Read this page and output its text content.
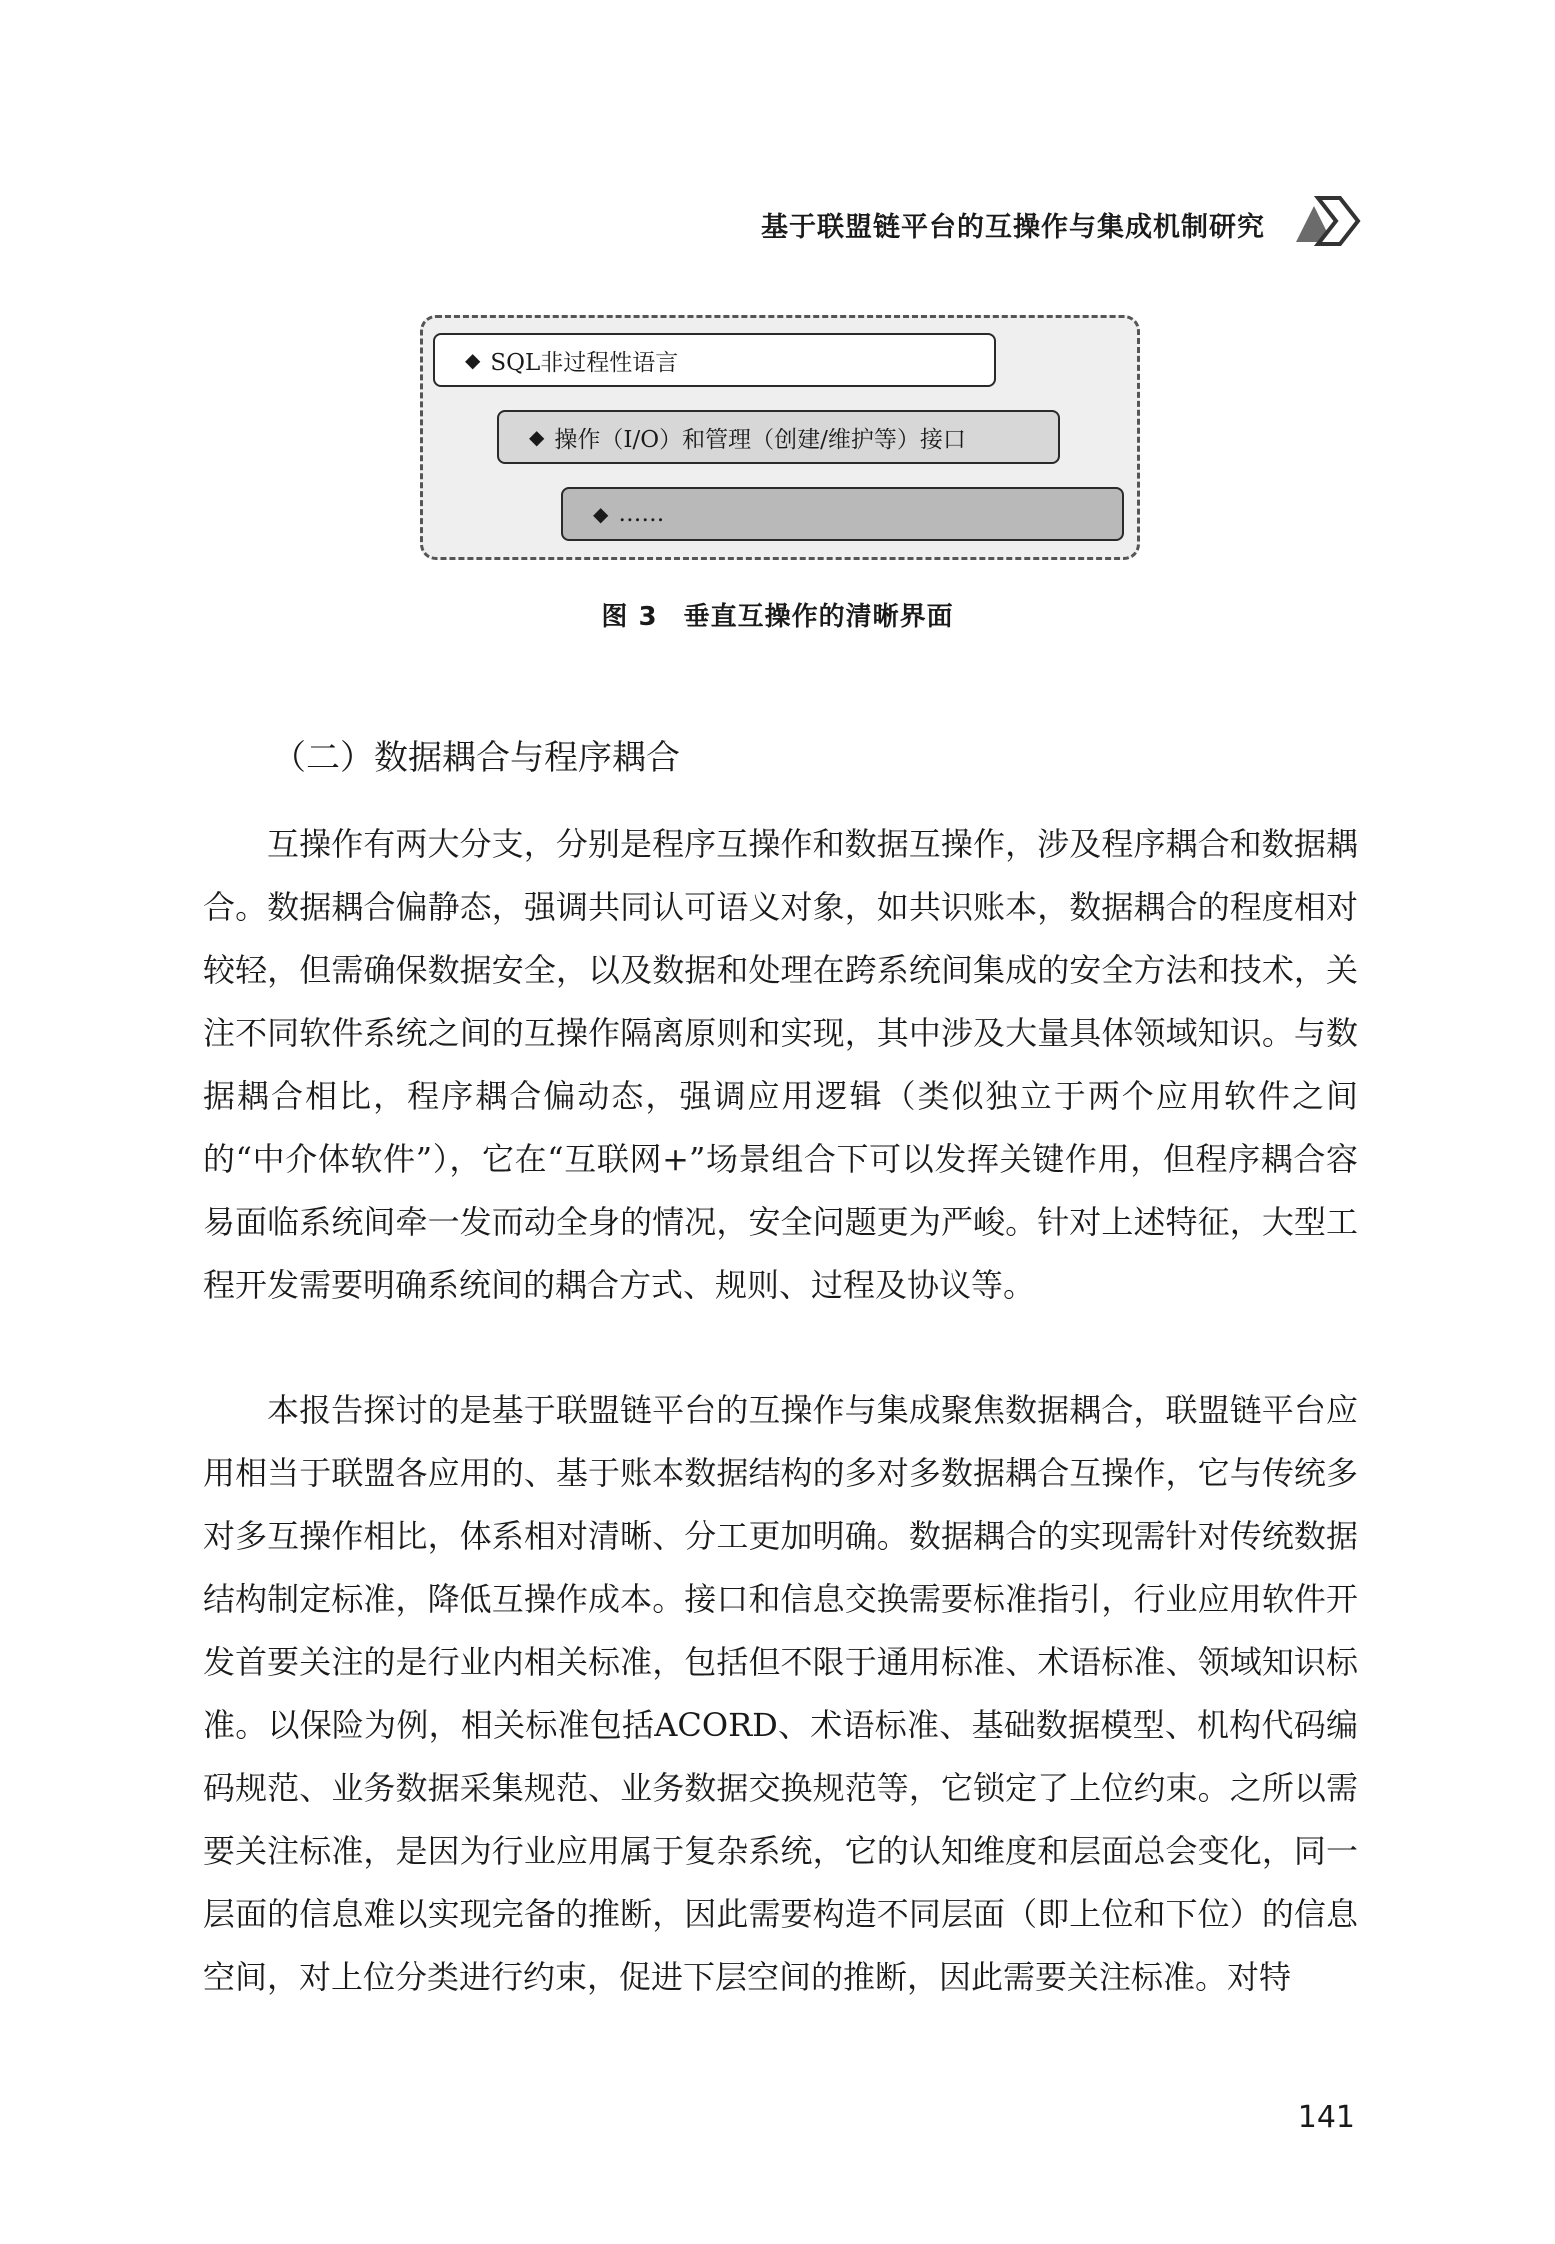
基于联盟链平台的互操作与集成机制研究
◆ SQL非过程性语言
◆ 操作（I/O）和管理（创建/维护等）接口
◆ ……
图 3 垂直互操作的清晰界面
（二）数据耦合与程序耦合

互操作有两大分支，分别是程序互操作和数据互操作，涉及程序耦合和数据耦合。数据耦合偏静态，强调共同认可语义对象，如共识账本，数据耦合的程度相对较轻，但需确保数据安全，以及数据和处理在跨系统间集成的安全方法和技术，关注不同软件系统之间的互操作隔离原则和实现，其中涉及大量具体领域知识。与数据耦合相比，程序耦合偏动态，强调应用逻辑（类似独立于两个应用软件之间的“中介体软件”），它在“互联网+”场景组合下可以发挥关键作用，但程序耦合容易面临系统间牵一发而动全身的情况，安全问题更为严峻。针对上述特征，大型工程开发需要明确系统间的耦合方式、规则、过程及协议等。

本报告探讨的是基于联盟链平台的互操作与集成聚焦数据耦合，联盟链平台应用相当于联盟各应用的、基于账本数据结构的多对多数据耦合互操作，它与传统多对多互操作相比，体系相对清晰、分工更加明确。数据耦合的实现需针对传统数据结构制定标准，降低互操作成本。接口和信息交换需要标准指引，行业应用软件开发首要关注的是行业内相关标准，包括但不限于通用标准、术语标准、领域知识标准。以保险为例，相关标准包括ACORD、术语标准、基础数据模型、机构代码编码规范、业务数据采集规范、业务数据交换规范等，它锁定了上位约束。之所以需要关注标准，是因为行业应用属于复杂系统，它的认知维度和层面总会变化，同一层面的信息难以实现完备的推断，因此需要构造不同层面（即上位和下位）的信息空间，对上位分类进行约束，促进下层空间的推断，因此需要关注标准。对特

141
